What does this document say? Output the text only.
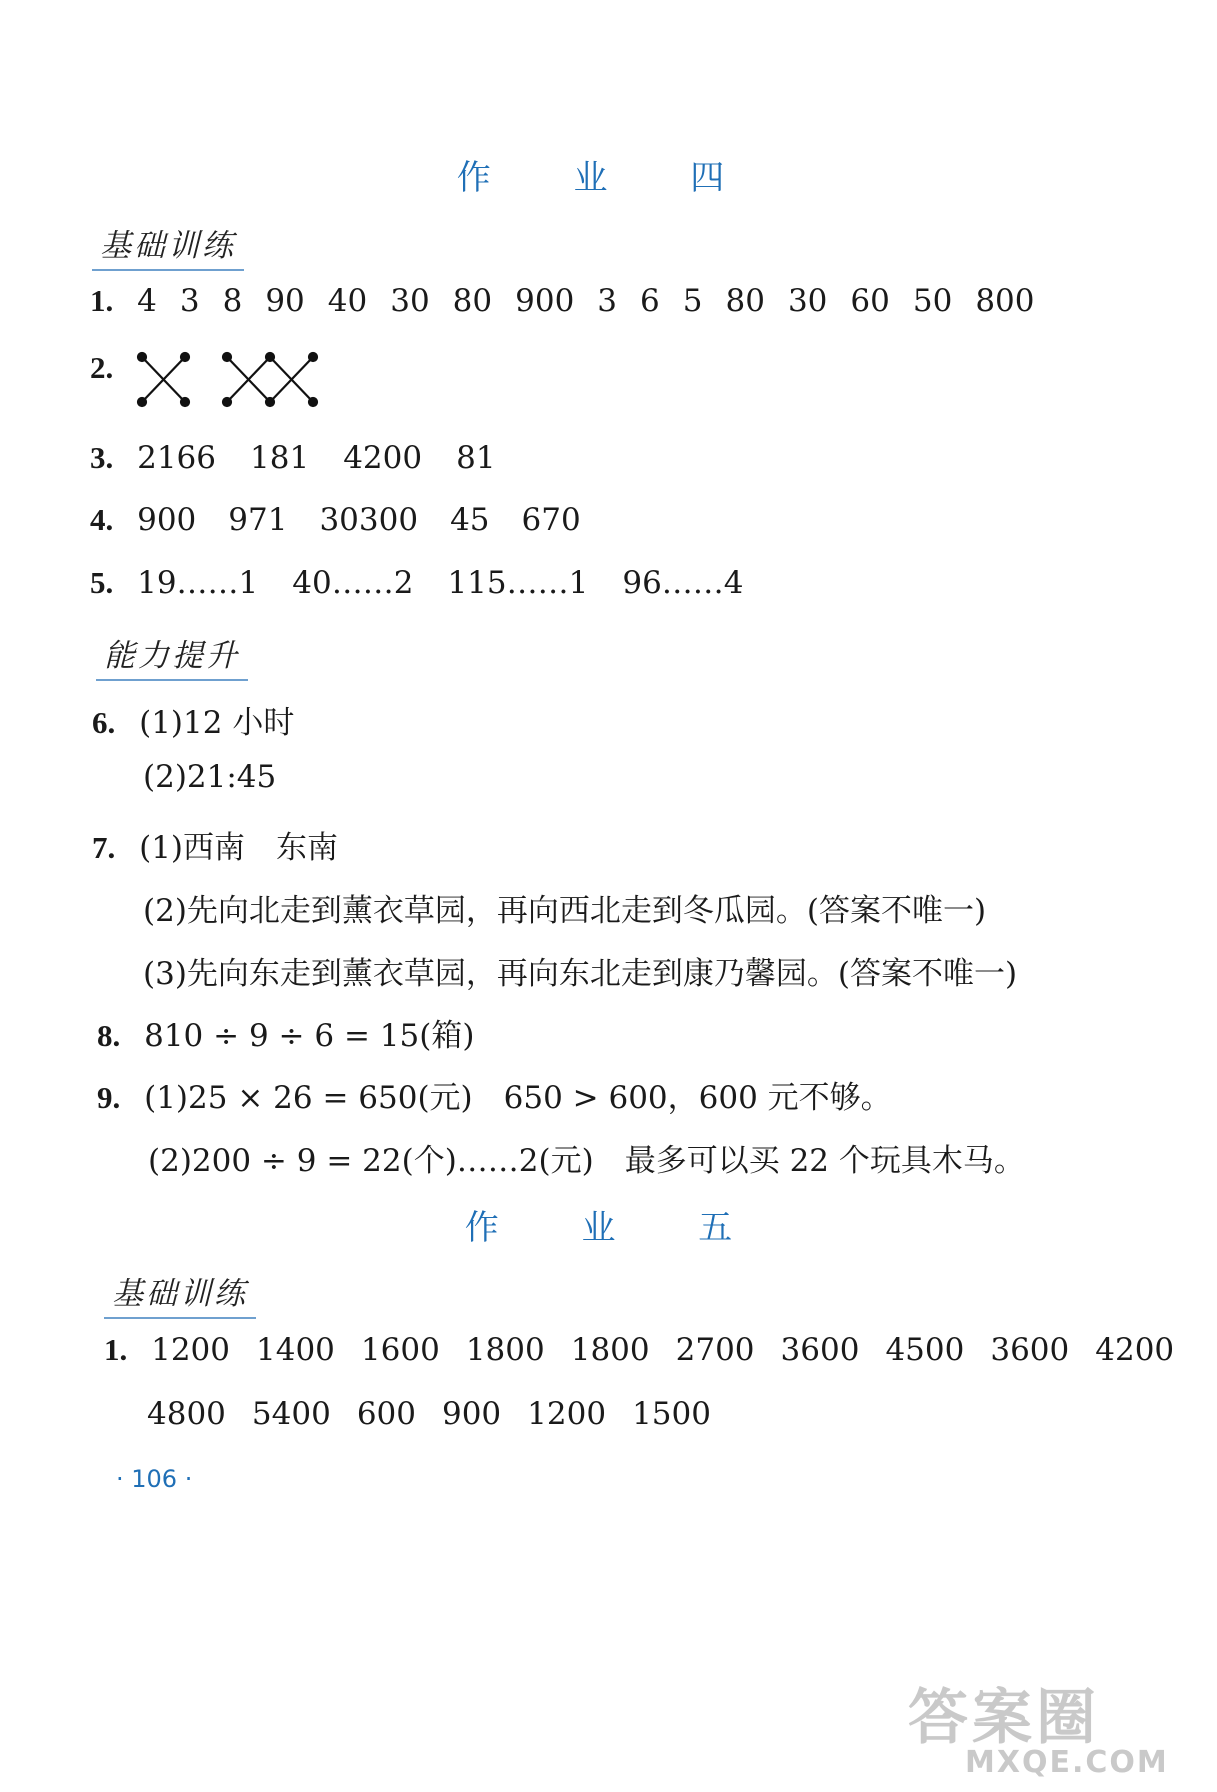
作 业 四
基础训练
1. 4 3 8 90 40 30 80 900 3 6 5 80 30 60 50 800
2.
3. 2166 181 4200 81
4. 900 971 30300 45 670
5. 19……1 40……2 115……1 96……4
能力提升
6. (1)12 小时
(2)21:45
7. (1)西南　东南
(2)先向北走到薰衣草园，再向西北走到冬瓜园。(答案不唯一)
(3)先向东走到薰衣草园，再向东北走到康乃馨园。(答案不唯一)
8. 810 ÷ 9 ÷ 6 = 15(箱)
9. (1)25 × 26 = 650(元)　650 > 600，600 元不够。
(2)200 ÷ 9 = 22(个)……2(元)　最多可以买 22 个玩具木马。
作 业 五
基础训练
1. 1200 1400 1600 1800 1800 2700 3600 4500 3600 4200
4800 5400 600 900 1200 1500
· 106 ·
答案圈
MXQE.COM
